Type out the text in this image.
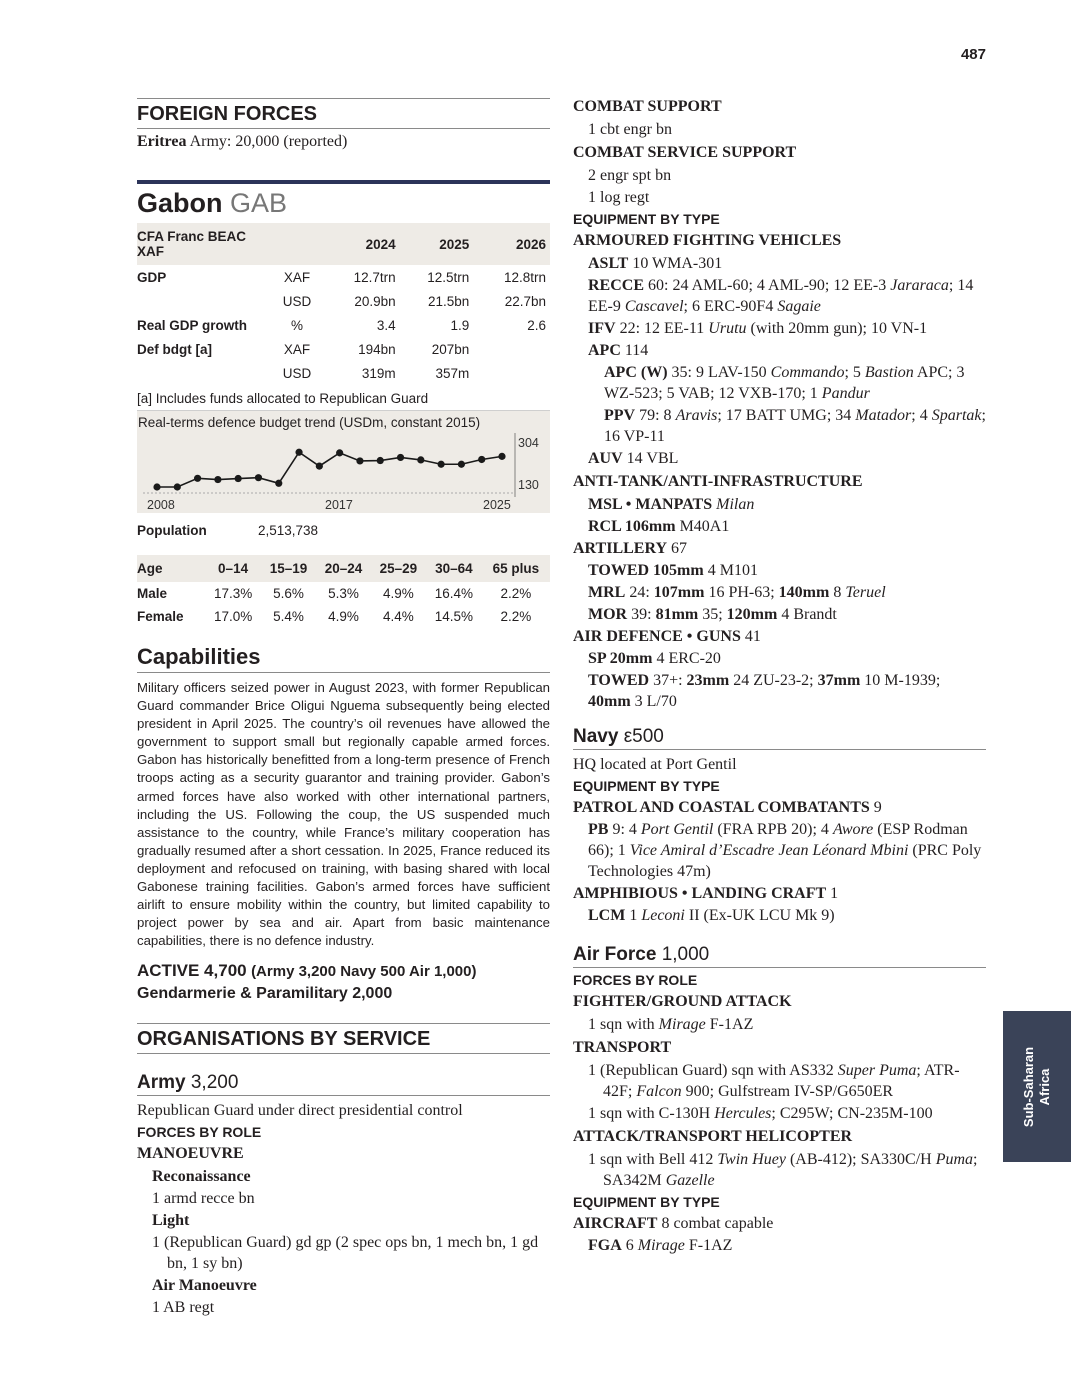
487
FOREIGN FORCES
Eritrea Army: 20,000 (reported)
Gabon GAB
CFA Franc BEAC XAF		2024	2025	2026
GDP	XAF	12.7trn	12.5trn	12.8trn
	USD	20.9bn	21.5bn	22.7bn
Real GDP growth	%	3.4	1.9	2.6
Def bdgt [a]	XAF	194bn	207bn	
	USD	319m	357m	
[a] Includes funds allocated to Republican Guard
Real-terms defence budget trend (USDm, constant 2015)
304
130
2008	2017	2025
Population	2,513,738
Age	0–14	15–19	20–24	25–29	30–64	65 plus
Male	17.3%	5.6%	5.3%	4.9%	16.4%	2.2%
Female	17.0%	5.4%	4.9%	4.4%	14.5%	2.2%
Capabilities

Military officers seized power in August 2023, with former Republican Guard commander Brice Oligui Nguema subsequently being elected president in April 2025. The country’s oil revenues have allowed the government to support small but regionally capable armed forces. Gabon has historically benefitted from a long-term presence of French troops acting as a security guarantor and training provider. Gabon’s armed forces have also worked with other international partners, including the US. Following the coup, the US suspended much assistance to the country, while France’s military cooperation has gradually resumed after a short cessation. In 2025, France reduced its deployment and refocused on training, with basing shared with local Gabonese training facilities. Gabon’s armed forces have sufficient airlift to ensure mobility within the country, but limited capability to project power by sea and air. Apart from basic maintenance capabilities, there is no defence industry.

ACTIVE 4,700 (Army 3,200 Navy 500 Air 1,000)
Gendarmerie & Paramilitary 2,000
ORGANISATIONS BY SERVICE
Army 3,200
Republican Guard under direct presidential control
FORCES BY ROLE
MANOEUVRE
Reconaissance
1 armd recce bn
Light
1 (Republican Guard) gd gp (2 spec ops bn, 1 mech bn, 1 gd bn, 1 sy bn)
Air Manoeuvre
1 AB regt
COMBAT SUPPORT
1 cbt engr bn
COMBAT SERVICE SUPPORT
2 engr spt bn
1 log regt
EQUIPMENT BY TYPE
ARMOURED FIGHTING VEHICLES
ASLT 10 WMA-301
RECCE 60: 24 AML-60; 4 AML-90; 12 EE-3 Jararaca; 14 EE-9 Cascavel; 6 ERC-90F4 Sagaie
IFV 22: 12 EE-11 Urutu (with 20mm gun); 10 VN-1
APC 114
APC (W) 35: 9 LAV-150 Commando; 5 Bastion APC; 3 WZ-523; 5 VAB; 12 VXB-170; 1 Pandur
PPV 79: 8 Aravis; 17 BATT UMG; 34 Matador; 4 Spartak; 16 VP-11
AUV 14 VBL
ANTI-TANK/ANTI-INFRASTRUCTURE
MSL • MANPATS Milan
RCL 106mm M40A1
ARTILLERY 67
TOWED 105mm 4 M101
MRL 24: 107mm 16 PH-63; 140mm 8 Teruel
MOR 39: 81mm 35; 120mm 4 Brandt
AIR DEFENCE • GUNS 41
SP 20mm 4 ERC-20
TOWED 37+: 23mm 24 ZU-23-2; 37mm 10 M-1939; 40mm 3 L/70
Navy ε500
HQ located at Port Gentil
EQUIPMENT BY TYPE
PATROL AND COASTAL COMBATANTS 9
PB 9: 4 Port Gentil (FRA RPB 20); 4 Awore (ESP Rodman 66); 1 Vice Amiral d’Escadre Jean Léonard Mbini (PRC Poly Technologies 47m)
AMPHIBIOUS • LANDING CRAFT 1
LCM 1 Leconi II (Ex-UK LCU Mk 9)
Air Force 1,000
FORCES BY ROLE
FIGHTER/GROUND ATTACK
1 sqn with Mirage F-1AZ
TRANSPORT
1 (Republican Guard) sqn with AS332 Super Puma; ATR-42F; Falcon 900; Gulfstream IV-SP/G650ER
1 sqn with C-130H Hercules; C295W; CN-235M-100
ATTACK/TRANSPORT HELICOPTER
1 sqn with Bell 412 Twin Huey (AB-412); SA330C/H Puma; SA342M Gazelle
EQUIPMENT BY TYPE
AIRCRAFT 8 combat capable
FGA 6 Mirage F-1AZ
Sub-Saharan
Africa
